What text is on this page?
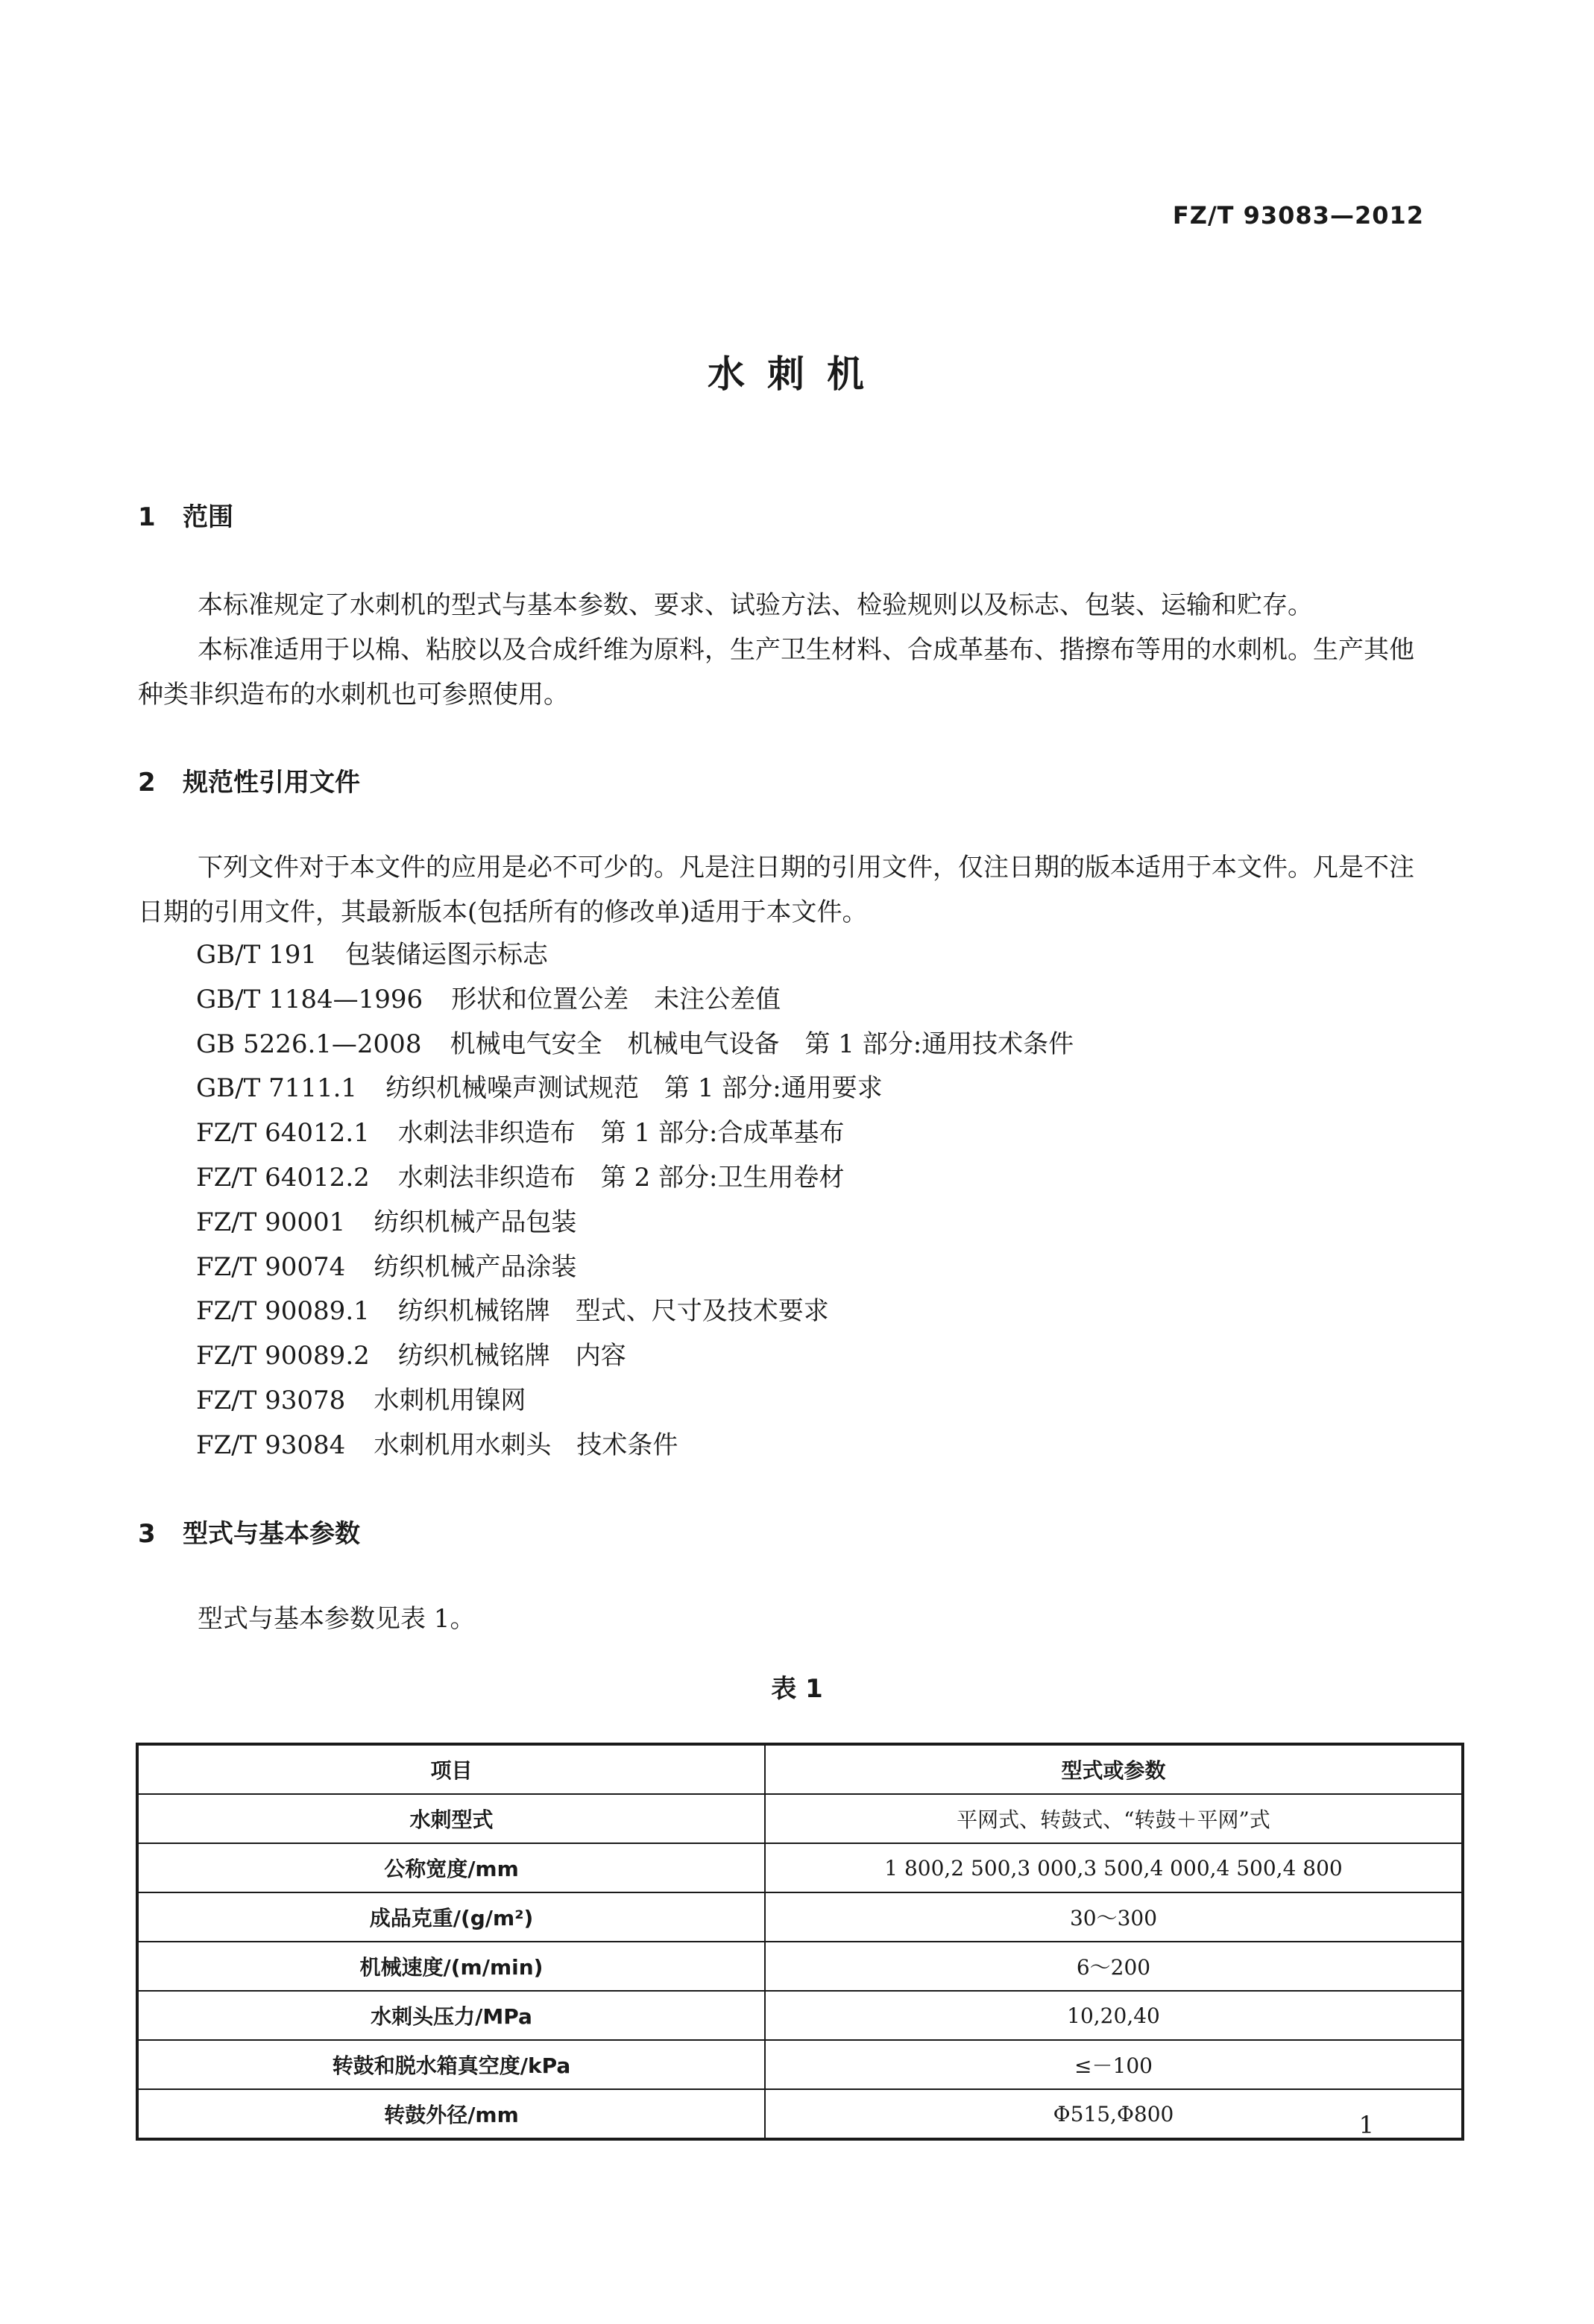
FZ/T 93083—2012
水刺机
1 范围

本标准规定了水刺机的型式与基本参数、要求、试验方法、检验规则以及标志、包装、运输和贮存。

本标准适用于以棉、粘胶以及合成纤维为原料，生产卫生材料、合成革基布、揩擦布等用的水刺机。生产其他种类非织造布的水刺机也可参照使用。

2 规范性引用文件

下列文件对于本文件的应用是必不可少的。凡是注日期的引用文件，仅注日期的版本适用于本文件。凡是不注日期的引用文件，其最新版本(包括所有的修改单)适用于本文件。

GB/T 191 包装储运图示标志
GB/T 1184—1996 形状和位置公差　未注公差值
GB 5226.1—2008 机械电气安全　机械电气设备　第 1 部分:通用技术条件
GB/T 7111.1 纺织机械噪声测试规范　第 1 部分:通用要求
FZ/T 64012.1 水刺法非织造布　第 1 部分:合成革基布
FZ/T 64012.2 水刺法非织造布　第 2 部分:卫生用卷材
FZ/T 90001 纺织机械产品包装
FZ/T 90074 纺织机械产品涂装
FZ/T 90089.1 纺织机械铭牌　型式、尺寸及技术要求
FZ/T 90089.2 纺织机械铭牌　内容
FZ/T 93078 水刺机用镍网
FZ/T 93084 水刺机用水刺头　技术条件
3 型式与基本参数

型式与基本参数见表 1。

表 1
项目	型式或参数
水刺型式	平网式、转鼓式、“转鼓＋平网”式
公称宽度/mm	1 800,2 500,3 000,3 500,4 000,4 500,4 800
成品克重/(g/m²)	30～300
机械速度/(m/min)	6～200
水刺头压力/MPa	10,20,40
转鼓和脱水箱真空度/kPa	≤－100
转鼓外径/mm	Φ515,Φ800	1
